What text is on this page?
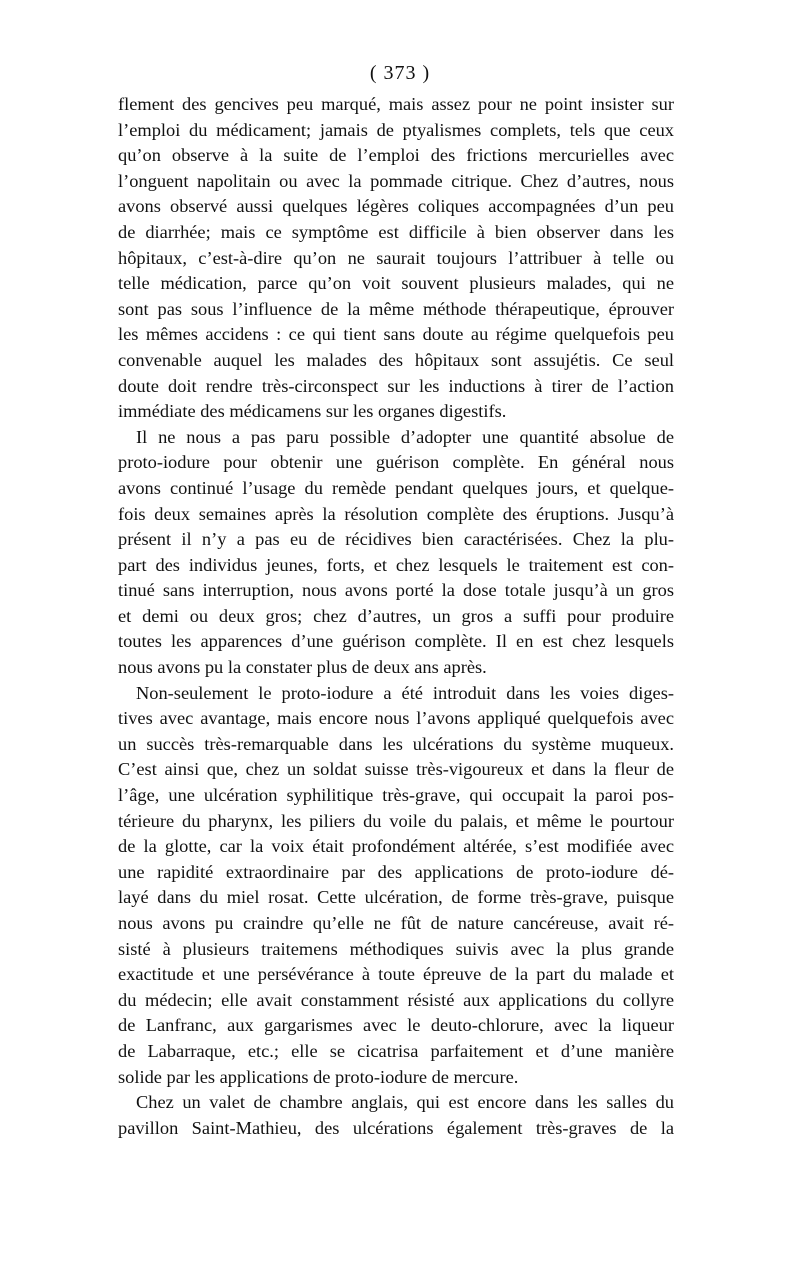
( 373 )
flement des gencives peu marqué, mais assez pour ne point insister sur
l’emploi du médicament; jamais de ptyalismes complets, tels que ceux
qu’on observe à la suite de l’emploi des frictions mercurielles avec
l’onguent napolitain ou avec la pommade citrique. Chez d’autres, nous
avons observé aussi quelques légères coliques accompagnées d’un peu
de diarrhée; mais ce symptôme est difficile à bien observer dans les
hôpitaux, c’est-à-dire qu’on ne saurait toujours l’attribuer à telle ou
telle médication, parce qu’on voit souvent plusieurs malades, qui ne
sont pas sous l’influence de la même méthode thérapeutique, éprouver
les mêmes accidens : ce qui tient sans doute au régime quelquefois peu
convenable auquel les malades des hôpitaux sont assujétis. Ce seul
doute doit rendre très-circonspect sur les inductions à tirer de l’action
immédiate des médicamens sur les organes digestifs.
Il ne nous a pas paru possible d’adopter une quantité absolue de
proto-iodure pour obtenir une guérison complète. En général nous
avons continué l’usage du remède pendant quelques jours, et quelque-
fois deux semaines après la résolution complète des éruptions. Jusqu’à
présent il n’y a pas eu de récidives bien caractérisées. Chez la plu-
part des individus jeunes, forts, et chez lesquels le traitement est con-
tinué sans interruption, nous avons porté la dose totale jusqu’à un gros
et demi ou deux gros; chez d’autres, un gros a suffi pour produire
toutes les apparences d’une guérison complète. Il en est chez lesquels
nous avons pu la constater plus de deux ans après.
Non-seulement le proto-iodure a été introduit dans les voies diges-
tives avec avantage, mais encore nous l’avons appliqué quelquefois avec
un succès très-remarquable dans les ulcérations du système muqueux.
C’est ainsi que, chez un soldat suisse très-vigoureux et dans la fleur de
l’âge, une ulcération syphilitique très-grave, qui occupait la paroi pos-
térieure du pharynx, les piliers du voile du palais, et même le pourtour
de la glotte, car la voix était profondément altérée, s’est modifiée avec
une rapidité extraordinaire par des applications de proto-iodure dé-
layé dans du miel rosat. Cette ulcération, de forme très-grave, puisque
nous avons pu craindre qu’elle ne fût de nature cancéreuse, avait ré-
sisté à plusieurs traitemens méthodiques suivis avec la plus grande
exactitude et une persévérance à toute épreuve de la part du malade et
du médecin; elle avait constamment résisté aux applications du collyre
de Lanfranc, aux gargarismes avec le deuto-chlorure, avec la liqueur
de Labarraque, etc.; elle se cicatrisa parfaitement et d’une manière
solide par les applications de proto-iodure de mercure.
Chez un valet de chambre anglais, qui est encore dans les salles du
pavillon Saint-Mathieu, des ulcérations également très-graves de la
